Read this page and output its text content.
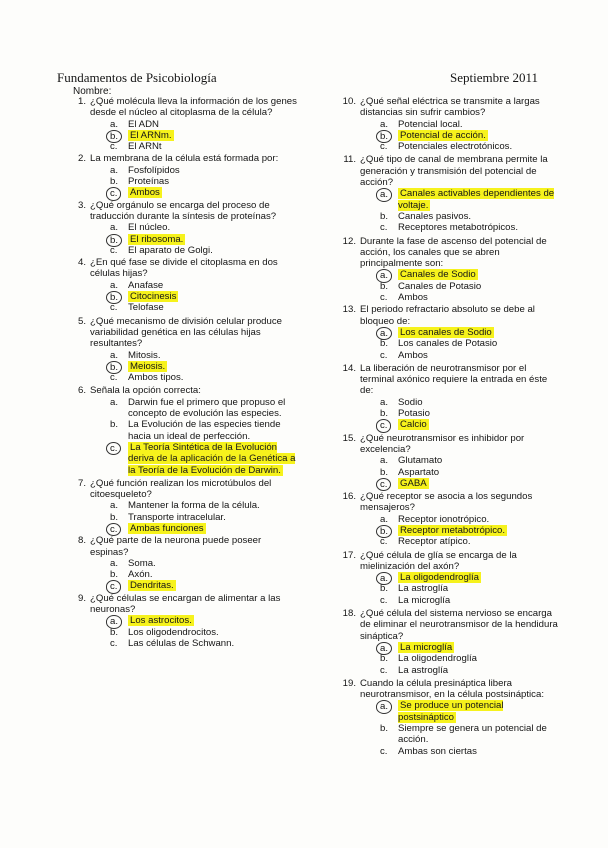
Fundamentos de Psicobiología	Septiembre 2011
Nombre:
1. ¿Qué molécula lleva la información de los genes desde el núcleo al citoplasma de la célula?
a. El ADN
b.	El ARNm.
c. El ARNt
2. La membrana de la célula está formada por:
a. Fosfolípidos
b. Proteínas
c.	Ambos
3. ¿Qué orgánulo se encarga del proceso de traducción durante la síntesis de proteínas?
a. El núcleo.
b.	El ribosoma.
c. El aparato de Golgi.
4. ¿En qué fase se divide el citoplasma en dos células hijas?
a. Anafase
b.	Citocinesis
c. Telofase
5. ¿Qué mecanismo de división celular produce variabilidad genética en las células hijas resultantes?
a. Mitosis.
b.	Meiosis.
c. Ambos tipos.
6. Señala la opción correcta:
a. Darwin fue el primero que propuso el concepto de evolución las especies.
b. La Evolución de las especies tiende hacia un ideal de perfección.
c.	La Teoría Sintética de la Evolución deriva de la aplicación de la Genética a la Teoría de la Evolución de Darwin.
7. ¿Qué función realizan los microtúbulos del citoesqueleto?
a. Mantener la forma de la célula.
b. Transporte intracelular.
c.	Ambas funciones
8. ¿Qué parte de la neurona puede poseer espinas?
a. Soma.
b. Axón.
c.	Dendritas.
9. ¿Qué células se encargan de alimentar a las neuronas?
a.	Los astrocitos.
b. Los oligodendrocitos.
c. Las células de Schwann.
10. ¿Qué señal eléctrica se transmite a largas distancias sin sufrir cambios?
a. Potencial local.
b.	Potencial de acción.
c. Potenciales electrotónicos.
11. ¿Qué tipo de canal de membrana permite la generación y transmisión del potencial de acción?
a.	Canales activables dependientes de voltaje.
b. Canales pasivos.
c. Receptores metabotrópicos.
12. Durante la fase de ascenso del potencial de acción, los canales que se abren principalmente son:
a.	Canales de Sodio
b. Canales de Potasio
c. Ambos
13. El periodo refractario absoluto se debe al bloqueo de:
a.	Los canales de Sodio
b. Los canales de Potasio
c. Ambos
14. La liberación de neurotransmisor por el terminal axónico requiere la entrada en éste de:
a. Sodio
b. Potasio
c.	Calcio
15. ¿Qué neurotransmisor es inhibidor por excelencia?
a. Glutamato
b. Aspartato
c.	GABA
16. ¿Qué receptor se asocia a los segundos mensajeros?
a. Receptor ionotrópico.
b.	Receptor metabotrópico.
c. Receptor atípico.
17. ¿Qué célula de glía se encarga de la mielinización del axón?
a.	La oligodendroglía
b. La astroglía
c. La microglía
18. ¿Qué célula del sistema nervioso se encarga de eliminar el neurotransmisor de la hendidura sináptica?
a.	La microglía
b. La oligodendroglía
c. La astroglía
19. Cuando la célula presináptica libera neurotransmisor, en la célula postsináptica:
a.	Se produce un potencial postsináptico
b. Siempre se genera un potencial de acción.
c. Ambas son ciertas
